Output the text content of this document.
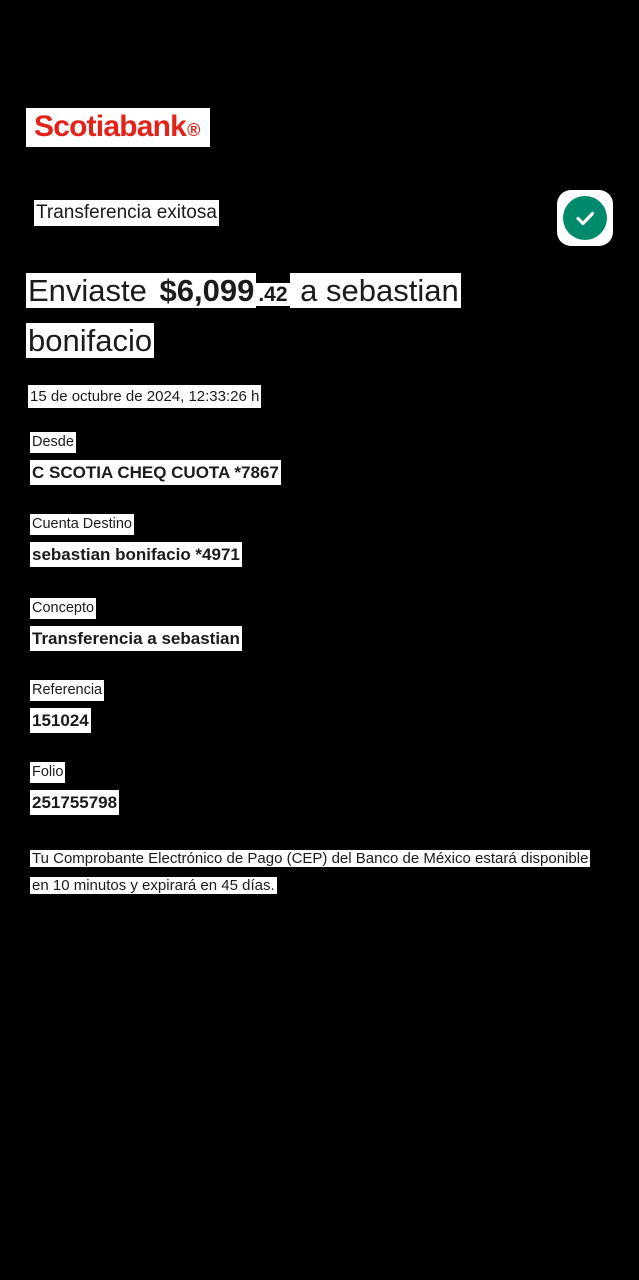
Scotiabank ®
Transferencia exitosa
Enviaste $6,099 .42 a sebastian bonifacio
15 de octubre de 2024, 12:33:26 h
Desde
C SCOTIA CHEQ CUOTA *7867
Cuenta Destino
sebastian bonifacio *4971
Concepto
Transferencia a sebastian
Referencia
151024
Folio
251755798
Tu Comprobante Electrónico de Pago (CEP) del Banco de México estará disponible en 10 minutos y expirará en 45 días.
